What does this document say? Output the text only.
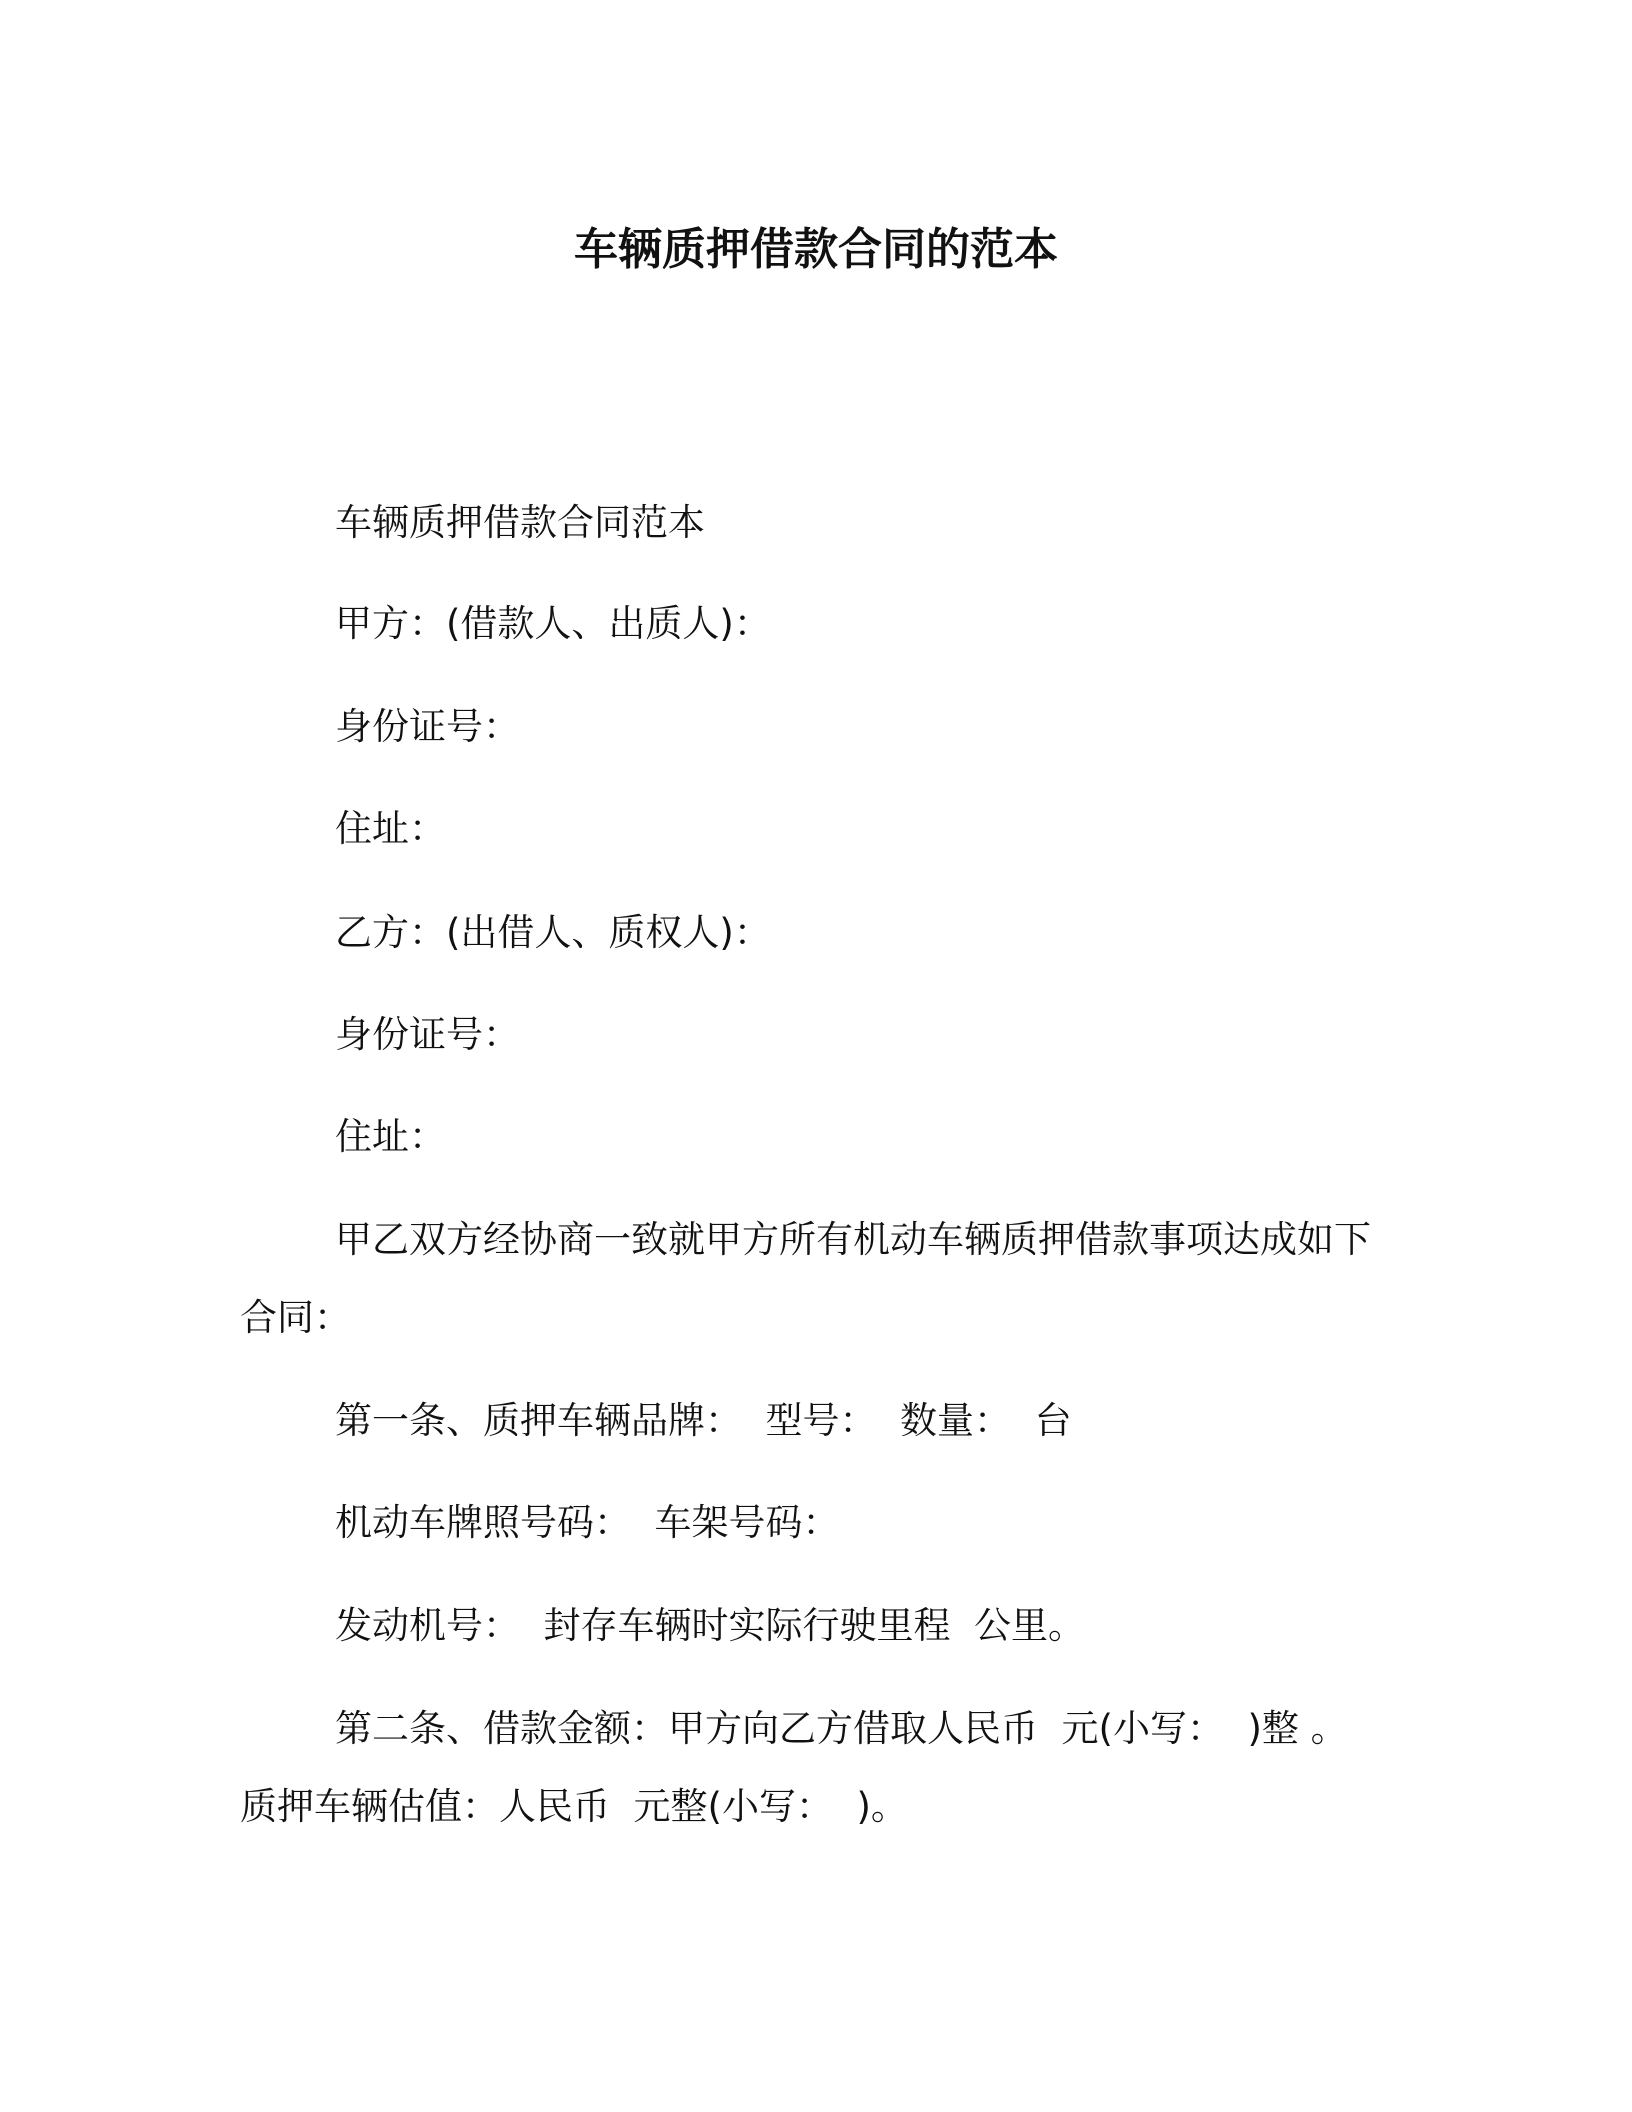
车辆质押借款合同的范本
车辆质押借款合同范本
甲方：(借款人、出质人)：
身份证号：
住址：
乙方：(出借人、质权人)：
身份证号：
住址：
甲乙双方经协商一致就甲方所有机动车辆质押借款事项达成如下合同：
第一条、质押车辆品牌：  型号：  数量：  台
机动车牌照号码：  车架号码：
发动机号：  封存车辆时实际行驶里程  公里。
第二条、借款金额：甲方向乙方借取人民币  元(小写：  )整 。质押车辆估值：人民币  元整(小写：  )。
